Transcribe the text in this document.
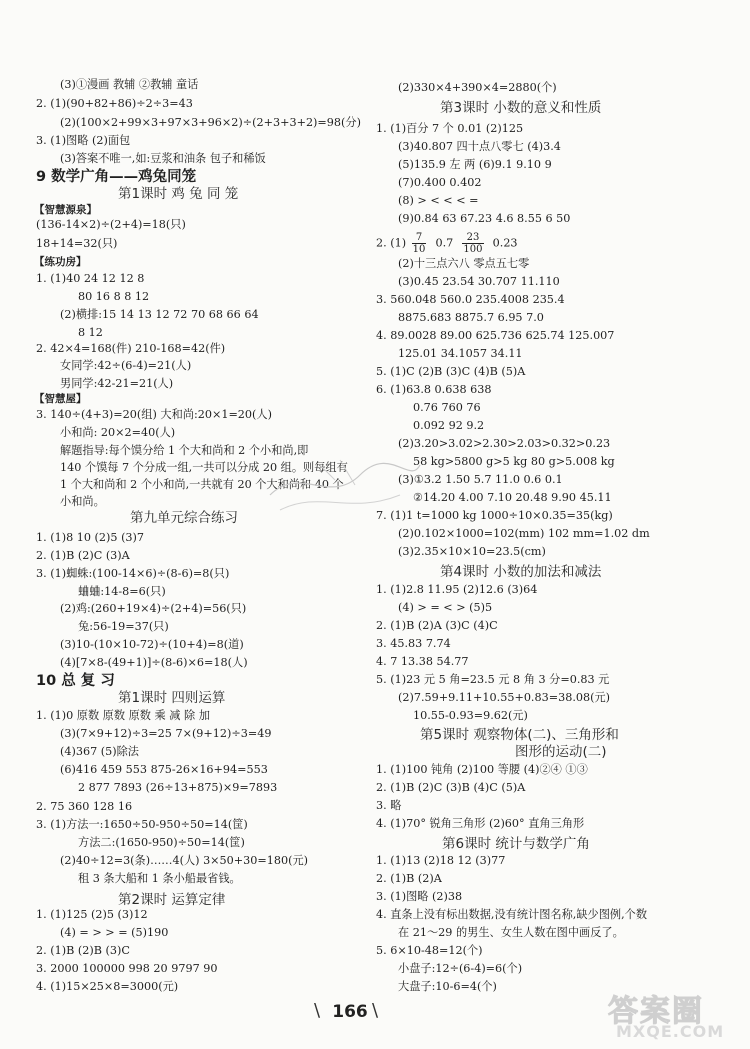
(3)①漫画 教辅 ②教辅 童话
2. (1)(90+82+86)÷2÷3=43
(2)(100×2+99×3+97×3+96×2)÷(2+3+3+2)=98(分)
3. (1)图略 (2)面包
(3)答案不唯一,如:豆浆和油条 包子和稀饭
(136-14×2)÷(2+4)=18(只)
18+14=32(只)
1. (1)40 24 12 12 8
80 16 8 8 12
(2)横排:15 14 13 12 72 70 68 66 64
8 12
2. 42×4=168(件) 210-168=42(件)
女同学:42÷(6-4)=21(人)
男同学:42-21=21(人)
3. 140÷(4+3)=20(组) 大和尚:20×1=20(人)
小和尚: 20×2=40(人)
解题指导:每个馍分给 1 个大和尚和 2 个小和尚,即
140 个馍每 7 个分成一组,一共可以分成 20 组。则每组有
1 个大和尚和 2 个小和尚,一共就有 20 个大和尚和 40 个
小和尚。
1. (1)8 10 (2)5 (3)7
2. (1)B (2)C (3)A
3. (1)蜘蛛:(100-14×6)÷(8-6)=8(只)
蛐蛐:14-8=6(只)
(2)鸡:(260+19×4)÷(2+4)=56(只)
兔:56-19=37(只)
(3)10-(10×10-72)÷(10+4)=8(道)
(4)[7×8-(49+1)]÷(8-6)×6=18(人)
1. (1)0 原数 原数 原数 乘 减 除 加
(3)(7×9+12)÷3=25 7×(9+12)÷3=49
(4)367 (5)除法
(6)416 459 553 875-26×16+94=553
2 877 7893 (26÷13+875)×9=7893
2. 75 360 128 16
3. (1)方法一:1650÷50-950÷50=14(筐)
方法二:(1650-950)÷50=14(筐)
(2)40÷12=3(条)……4(人) 3×50+30=180(元)
租 3 条大船和 1 条小船最省钱。
1. (1)125 (2)5 (3)12
(4) = > > = (5)190
2. (1)B (2)B (3)C
3. 2000 100000 998 20 9797 90
4. (1)15×25×8=3000(元)
9 数学广角——鸡兔同笼
第1课时 鸡 兔 同 笼
【智慧源泉】
【练功房】
【智慧屋】
第九单元综合练习
10 总 复 习
第1课时 四则运算
第2课时 运算定律
(2)330×4+390×4=2880(个)
1. (1)百分 7 个 0.01 (2)125
(3)40.807 四十点八零七 (4)3.4
(5)135.9 左 两 (6)9.1 9.10 9
(7)0.400 0.402
(8) > < < < =
(9)0.84 63 67.23 4.6 8.55 6 50
(2)十三点六八 零点五七零
(3)0.45 23.54 30.707 11.110
3. 560.048 560.0 235.4008 235.4
8875.683 8875.7 6.95 7.0
4. 89.0028 89.00 625.736 625.74 125.007
125.01 34.1057 34.11
5. (1)C (2)B (3)C (4)B (5)A
6. (1)63.8 0.638 638
0.76 760 76
0.092 92 9.2
(2)3.20>3.02>2.30>2.03>0.32>0.23
58 kg>5800 g>5 kg 80 g>5.008 kg
(3)①3.2 1.50 5.7 11.0 0.6 0.1
②14.20 4.00 7.10 20.48 9.90 45.11
7. (1)1 t=1000 kg 1000÷10×0.35=35(kg)
(2)0.102×1000=102(mm) 102 mm=1.02 dm
(3)2.35×10×10=23.5(cm)
1. (1)2.8 11.95 (2)12.6 (3)64
(4) > = < > (5)5
2. (1)B (2)A (3)C (4)C
3. 45.83 7.74
4. 7 13.38 54.77
5. (1)23 元 5 角=23.5 元 8 角 3 分=0.83 元
(2)7.59+9.11+10.55+0.83=38.08(元)
10.55-0.93=9.62(元)
1. (1)100 钝角 (2)100 等腰 (4)②④ ①③
2. (1)B (2)C (3)B (4)C (5)A
3. 略
4. (1)70° 锐角三角形 (2)60° 直角三角形
1. (1)13 (2)18 12 (3)77
2. (1)B (2)A
3. (1)图略 (2)38
4. 直条上没有标出数据,没有统计图名称,缺少图例,个数
在 21～29 的男生、女生人数在图中画反了。
5. 6×10-48=12(个)
小盘子:12÷(6-4)=6(个)
大盘子:10-6=4(个)
第3课时 小数的意义和性质
第4课时 小数的加法和减法
第5课时 观察物体(二)、三角形和
图形的运动(二)
第6课时 统计与数学广角
2. $(1) \frac{7}{10} 0.7 \frac{23}{100} 0.23$
\ 166 \	答案圈
MXQE.COM
